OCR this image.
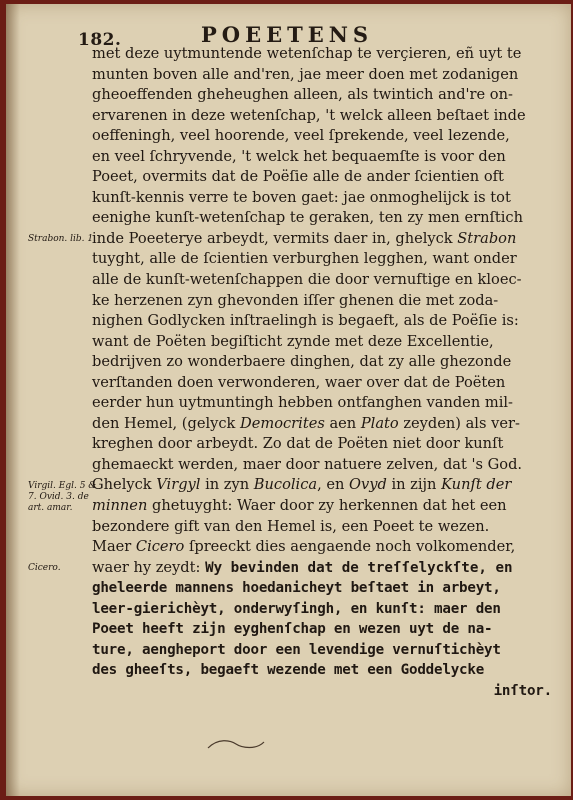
182.	POEETENS
Strabon. lib. 1.
Virgil. Egl. 5 & 7. Ovid. 3. de art. amar.
Cicero.
met deze uytmuntende wetenſchap te verçieren, eñ uyt te
munten boven alle and'ren, jae meer doen met zodanigen
gheoeffenden gheheughen alleen, als twintich and're on-
ervarenen in deze wetenſchap, 't welck alleen beſtaet inde
oeffeningh, veel hoorende, veel ſprekende, veel lezende,
en veel ſchryvende, 't welck het bequaemſte is voor den
Poeet, overmits dat de Poëſie alle de ander ſcientien oft
kunſt-kennis verre te boven gaet: jae onmoghelijck is tot
eenighe kunſt-wetenſchap te geraken, ten zy men ernſtich
inde Poeeterye arbeydt, vermits daer in, ghelyck Strabon
tuyght, alle de ſcientien verburghen legghen, want onder
alle de kunſt-wetenſchappen die door vernuftige en kloec-
ke herzenen zyn ghevonden iſſer ghenen die met zoda-
nighen Godlycken inſtraelingh is begaeft, als de Poëſie is:
want de Poëten begiſticht zynde met deze Excellentie,
bedrijven zo wonderbaere dinghen, dat zy alle ghezonde
verſtanden doen verwonderen, waer over dat de Poëten
eerder hun uytmuntingh hebben ontfanghen vanden mil-
den Hemel, (gelyck Democrites aen Plato zeyden) als ver-
kreghen door arbeydt. Zo dat de Poëten niet door kunſt
ghemaeckt werden, maer door natuere zelven, dat 's God.
Ghelyck Virgyl in zyn Bucolica, en Ovyd in zijn Kunſt der
minnen ghetuyght: Waer door zy herkennen dat het een
bezondere gift van den Hemel is, een Poeet te wezen.
Maer Cicero ſpreeckt dies aengaende noch volkomender,
waer hy zeydt: Wy bevinden dat de treſſelyckſte, en
gheleerde mannens hoedanicheyt beſtaet in arbeyt,
leer-gierichèyt, onderwyſingh, en kunſt: maer den
Poeet heeft zijn eyghenſchap en wezen uyt de na-
ture, aengheport door een levendige vernuſtichèyt
des gheeſts, begaeft wezende met een Goddelycke
inſtor.
